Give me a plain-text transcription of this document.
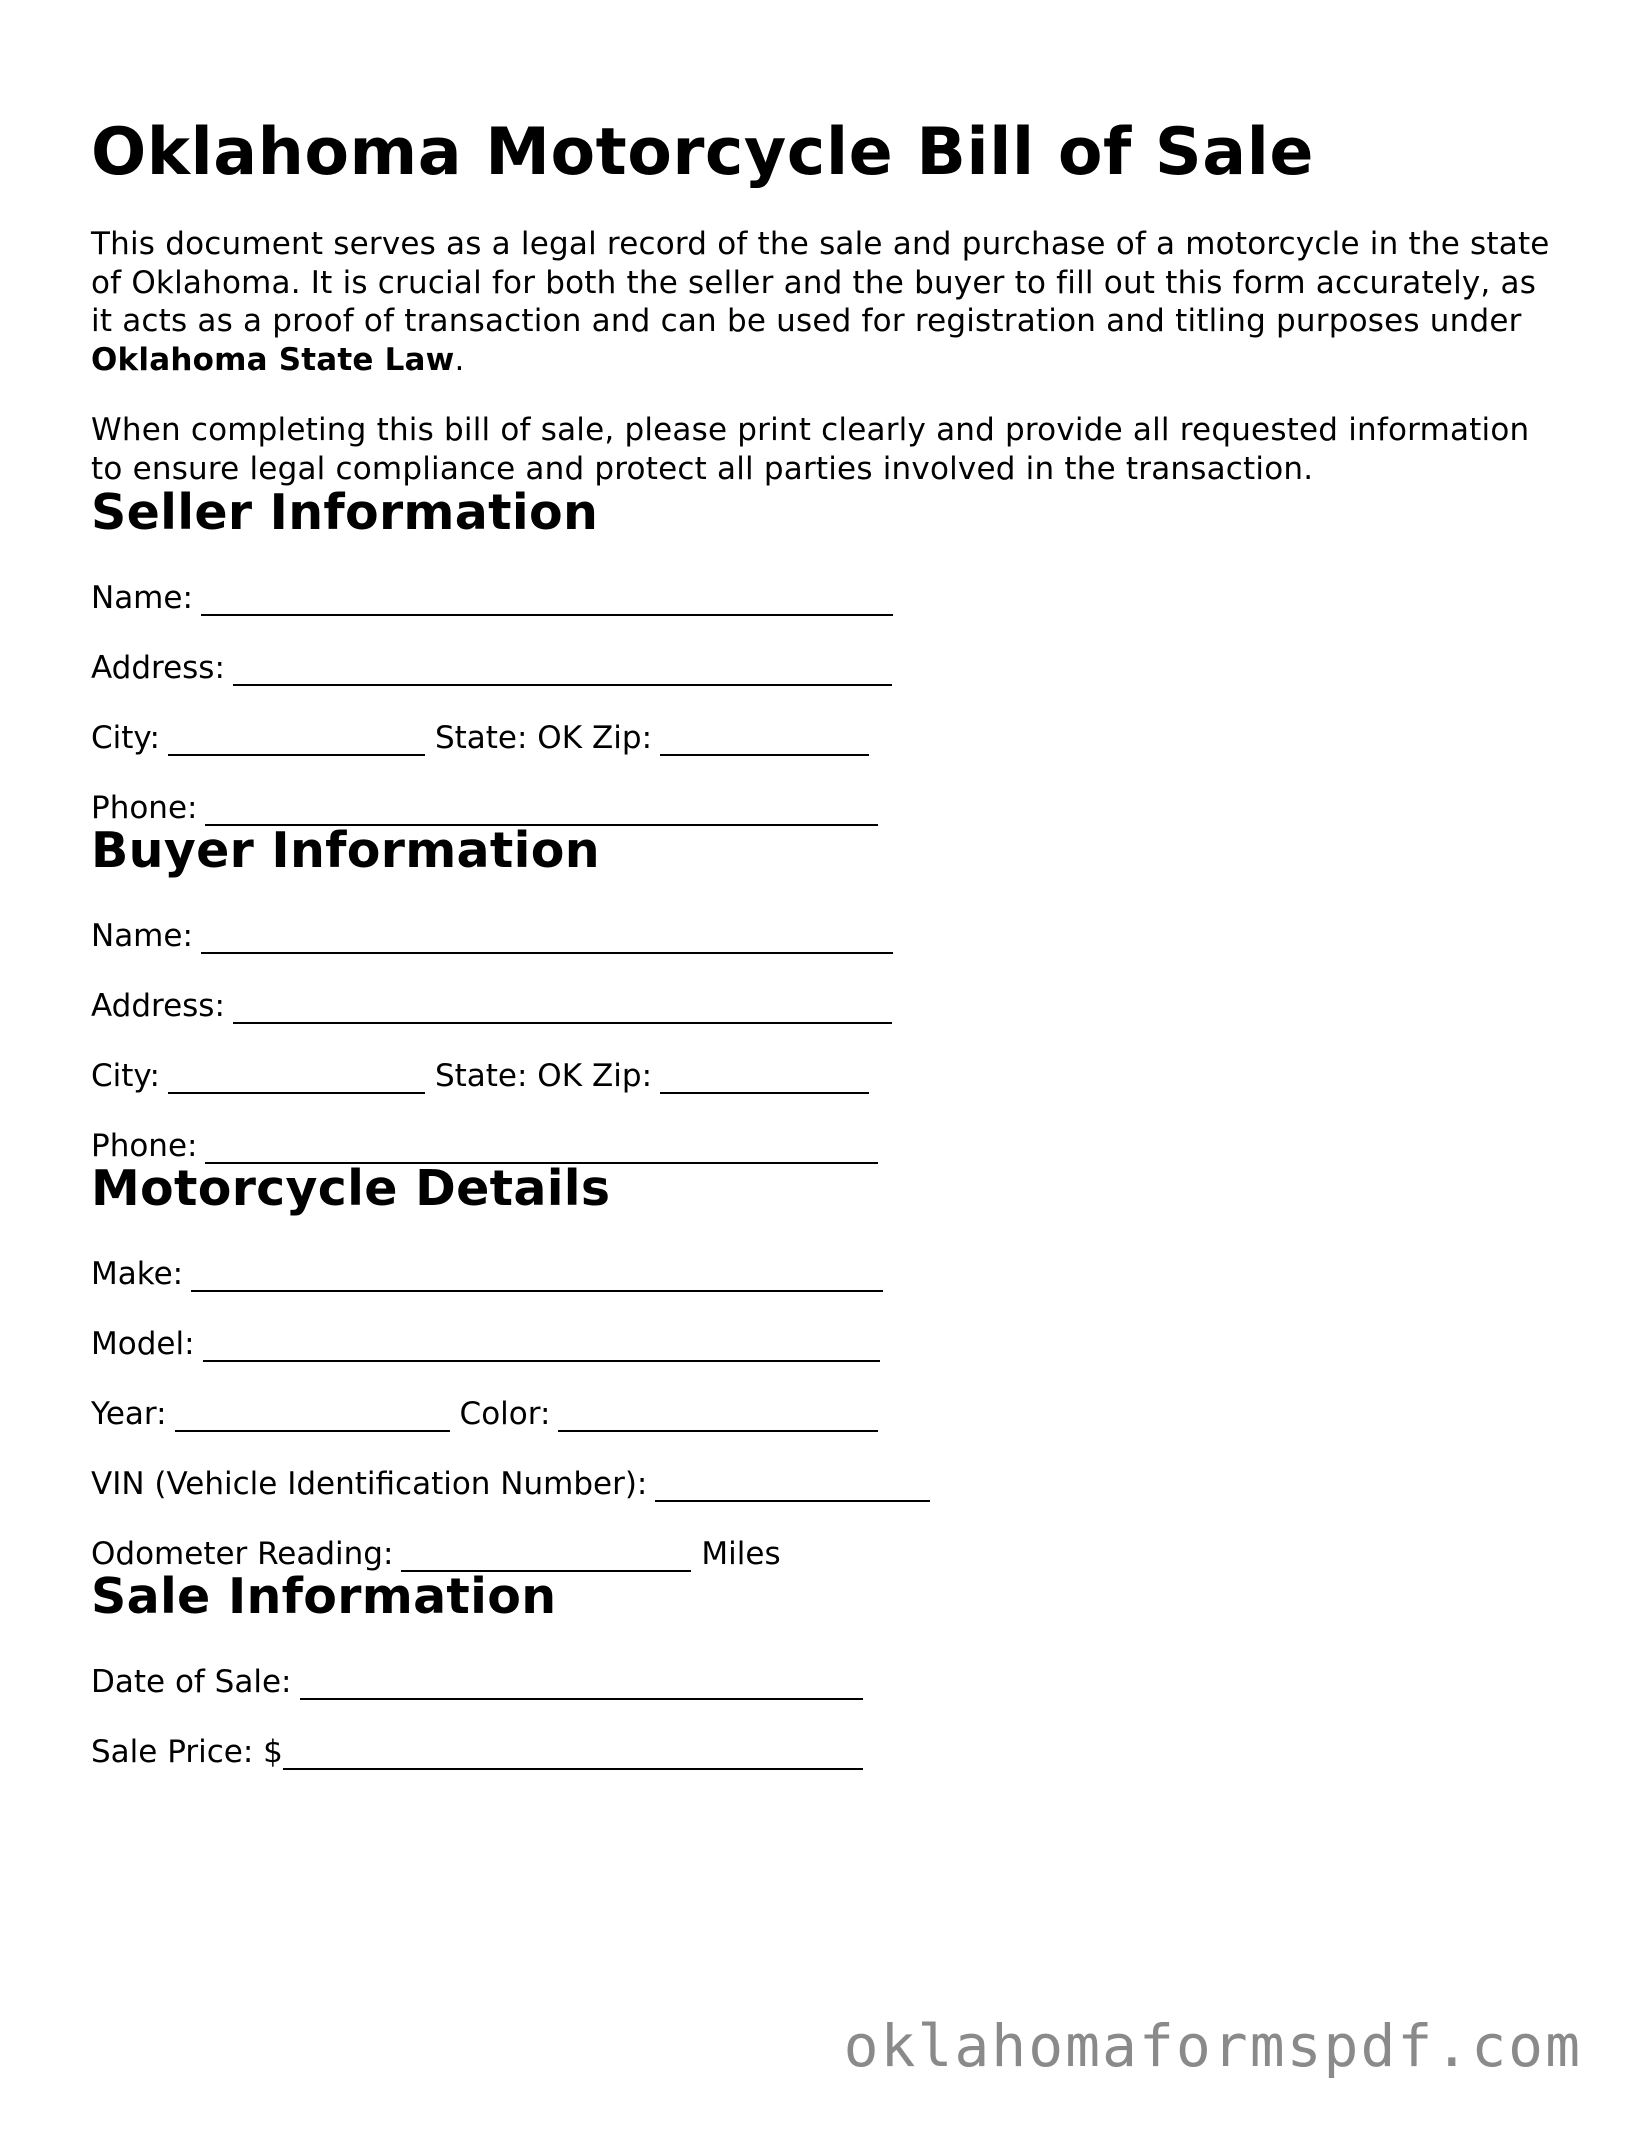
Oklahoma Motorcycle Bill of Sale

This document serves as a legal record of the sale and purchase of a motorcycle in the state of Oklahoma. It is crucial for both the seller and the buyer to fill out this form accurately, as it acts as a proof of transaction and can be used for registration and titling purposes under Oklahoma State Law.

When completing this bill of sale, please print clearly and provide all requested information to ensure legal compliance and protect all parties involved in the transaction.

Seller Information
Name:
Address:
City:	State: OK Zip:
Phone:
Buyer Information
Name:
Address:
City:	State: OK Zip:
Phone:
Motorcycle Details
Make:
Model:
Year:	Color:
VIN (Vehicle Identification Number):
Odometer Reading:	Miles
Sale Information
Date of Sale:
Sale Price: $
oklahomaformspdf.com
